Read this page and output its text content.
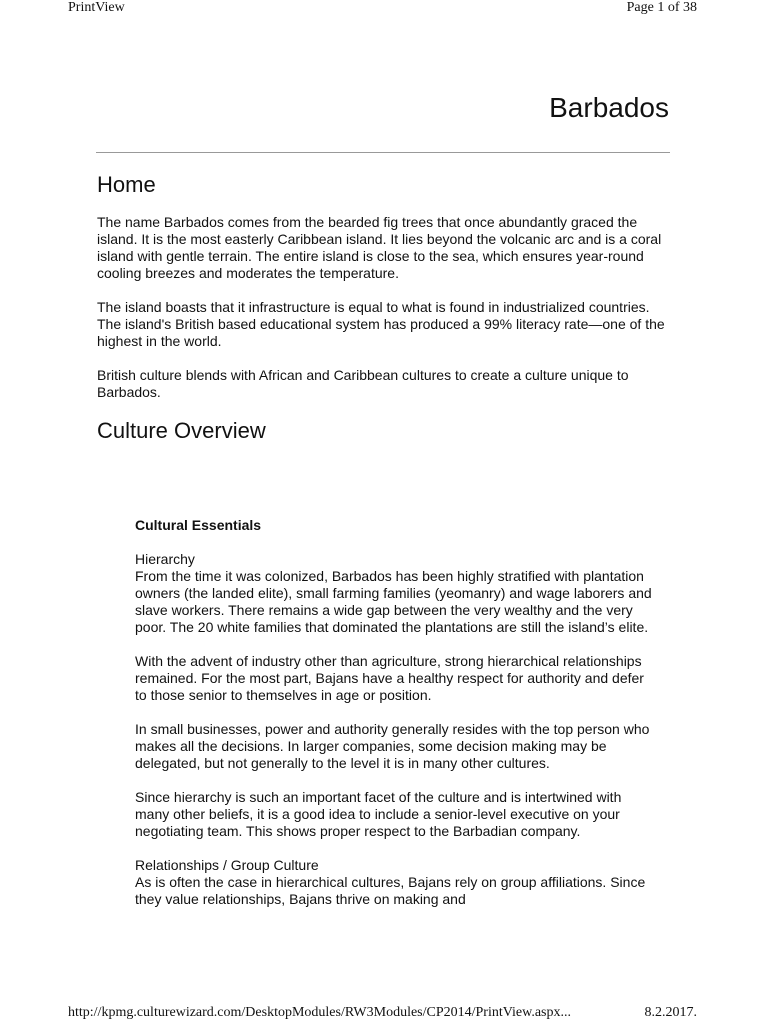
PrintView	Page 1 of 38
Barbados
Home

The name Barbados comes from the bearded fig trees that once abundantly graced the island. It is the most easterly Caribbean island. It lies beyond the volcanic arc and is a coral island with gentle terrain. The entire island is close to the sea, which ensures year-round cooling breezes and moderates the temperature.

The island boasts that it infrastructure is equal to what is found in industrialized countries. The island's British based educational system has produced a 99% literacy rate—one of the highest in the world.

British culture blends with African and Caribbean cultures to create a culture unique to Barbados.

Culture Overview
Cultural Essentials

Hierarchy

From the time it was colonized, Barbados has been highly stratified with plantation owners (the landed elite), small farming families (yeomanry) and wage laborers and slave workers. There remains a wide gap between the very wealthy and the very poor. The 20 white families that dominated the plantations are still the island’s elite.

With the advent of industry other than agriculture, strong hierarchical relationships remained. For the most part, Bajans have a healthy respect for authority and defer to those senior to themselves in age or position.

In small businesses, power and authority generally resides with the top person who makes all the decisions. In larger companies, some decision making may be delegated, but not generally to the level it is in many other cultures.

Since hierarchy is such an important facet of the culture and is intertwined with many other beliefs, it is a good idea to include a senior-level executive on your negotiating team. This shows proper respect to the Barbadian company.

Relationships / Group Culture

As is often the case in hierarchical cultures, Bajans rely on group affiliations. Since they value relationships, Bajans thrive on making and

http://kpmg.culturewizard.com/DesktopModules/RW3Modules/CP2014/PrintView.aspx...	8.2.2017.
